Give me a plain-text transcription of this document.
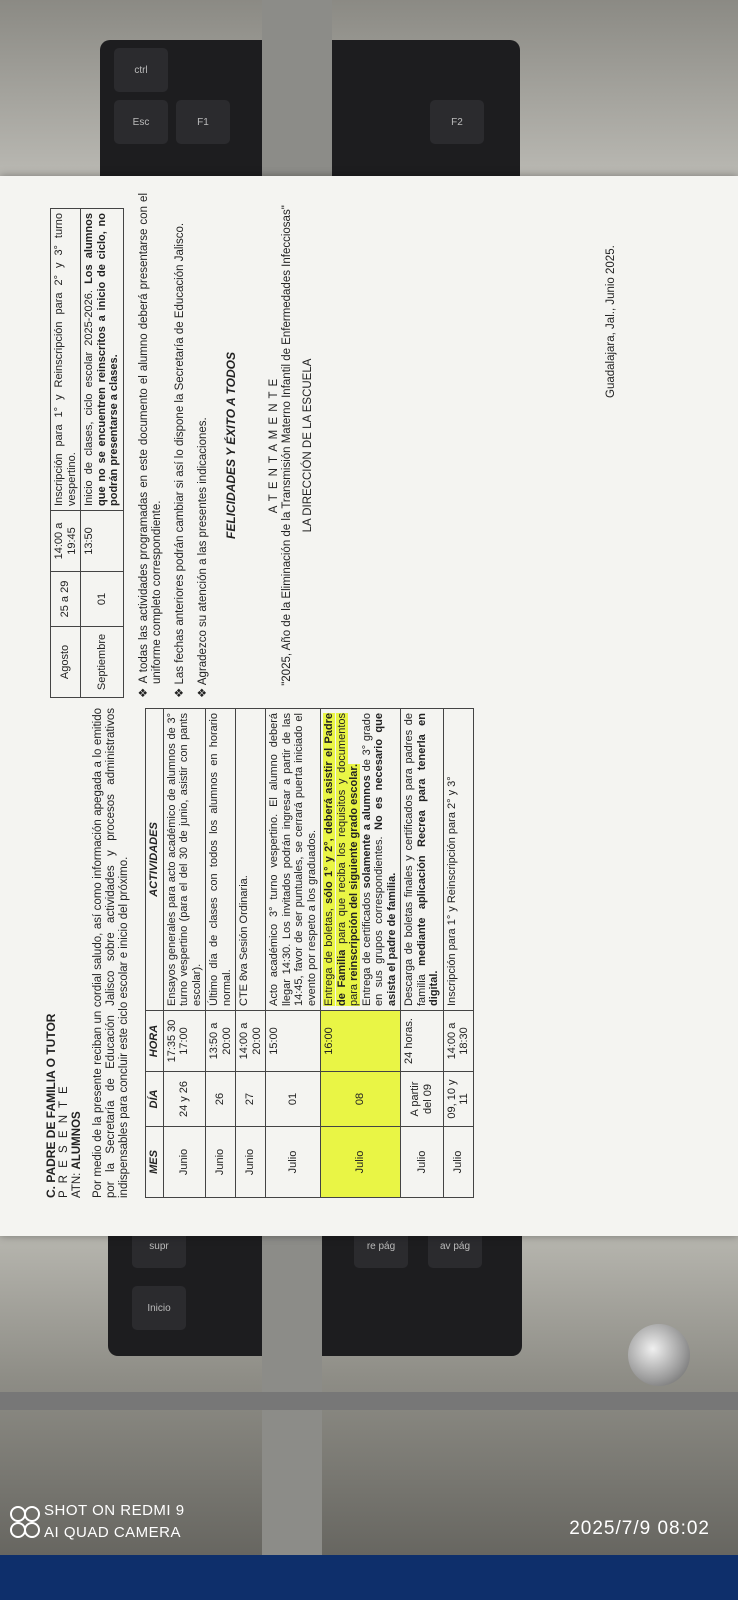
Esc	F1	F2
ctrl
supr
Inicio
re pág	av pág
C. PADRE DE FAMILIA O TUTOR P R E S E N T E ATN: ALUMNOS Por medio de la presente reciban un cordial saludo, así como información apegada a lo emitido por la Secretaría de Educación Jalisco sobre actividades y procesos administrativos indispensables para concluir este ciclo escolar e inicio del próximo. MES	DÍA	HORA	ACTIVIDADES
Junio	24 y 26	17:35 30 17:00	Ensayos generales para acto académico de alumnos de 3° turno vespertino (para el del 30 de junio, asistir con pants escolar).
Junio	26	13:50 a 20:00	Último día de clases con todos los alumnos en horario normal.
Junio	27	14:00 a 20:00	CTE 8va Sesión Ordinaria.
Julio	01	15:00	Acto académico 3° turno vespertino. El alumno deberá llegar 14:30. Los invitados podrán ingresar a partir de las 14:45, favor de ser puntuales, se cerrará puerta iniciado el evento por respeto a los graduados.
Julio	08	16:00	Entrega de boletas, sólo 1° y 2°, deberá asistir el Padre de Familia para que reciba los requisitos y documentos para reinscripción del siguiente grado escolar.
Entrega de certificados solamente a alumnos de 3° grado en sus grupos correspondientes. No es necesario que asista el padre de familia.
Julio	A partir del 09	24 horas.	Descarga de boletas finales y certificados para padres de familia mediante aplicación Recrea para tenerla en digital.
Julio	09, 10 y 11	14:00 a 18:30	Inscripción para 1° y Reinscripción para 2° y 3°
Agosto	25 a 29	14:00 a 19:45	Inscripción para 1° y Reinscripción para 2° y 3° turno vespertino.
Septiembre	01	13:50	Inicio de clases, ciclo escolar 2025-2026. Los alumnos que no se encuentren reinscritos a inicio de ciclo, no podrán presentarse a clases.

❖ A todas las actividades programadas en este documento el alumno deberá presentarse con el uniforme completo correspondiente.

❖ Las fechas anteriores podrán cambiar si así lo dispone la Secretaría de Educación Jalisco.

❖ Agradezco su atención a las presentes indicaciones. FELICIDADES Y ÉXITO A TODOS	A T E N T A M E N T E "2025, Año de la Eliminación de la Transmisión Materno Infantil de Enfermedades Infecciosas" LA DIRECCIÓN DE LA ESCUELA
Guadalajara, Jal., Junio 2025.
SHOT ON REDMI 9
AI QUAD CAMERA	2025/7/9 08:02
